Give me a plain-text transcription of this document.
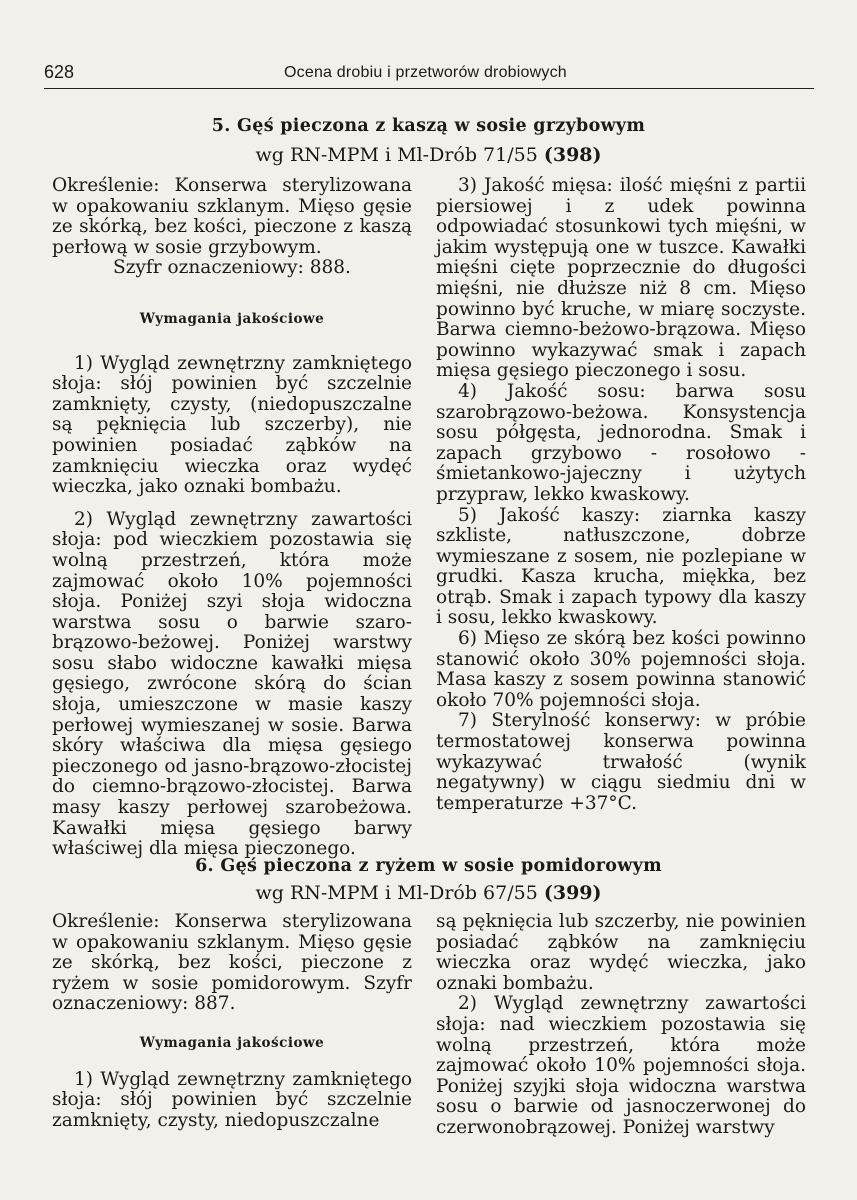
628	Ocena drobiu i przetworów drobiowych
5. Gęś pieczona z kaszą w sosie grzybowym
wg RN-MPM i Ml-Drób 71/55 (398)

Określenie: Konserwa sterylizowana w opakowaniu szklanym. Mięso gęsie ze skórką, bez kości, pieczone z kaszą perłową w sosie grzybowym.

Szyfr oznaczeniowy: 888.

Wymagania jakościowe

1) Wygląd zewnętrzny zamkniętego słoja: słój powinien być szczelnie zamknięty, czysty, (niedopuszczalne są pęknięcia lub szczerby), nie powinien posiadać ząbków na zamknięciu wieczka oraz wydęć wieczka, jako oznaki bombażu.

2) Wygląd zewnętrzny zawartości słoja: pod wieczkiem pozostawia się wolną przestrzeń, która może zajmować około 10% pojemności słoja. Poniżej szyi słoja widoczna warstwa sosu o barwie szaro-brązowo-beżowej. Poniżej warstwy sosu słabo widoczne kawałki mięsa gęsiego, zwrócone skórą do ścian słoja, umieszczone w masie kaszy perłowej wymieszanej w sosie. Barwa skóry właściwa dla mięsa gęsiego pieczonego od jasno-brązowo-złocistej do ciemno-brązowo-złocistej. Barwa masy kaszy perłowej szarobeżowa. Kawałki mięsa gęsiego barwy właściwej dla mięsa pieczonego.

3) Jakość mięsa: ilość mięśni z partii piersiowej i z udek powinna odpowiadać stosunkowi tych mięśni, w jakim występują one w tuszce. Kawałki mięśni cięte poprzecznie do długości mięśni, nie dłuższe niż 8 cm. Mięso powinno być kruche, w miarę soczyste. Barwa ciemno-beżowo-brązowa. Mięso powinno wykazywać smak i zapach mięsa gęsiego pieczonego i sosu.

4) Jakość sosu: barwa sosu szarobrązowo-beżowa. Konsystencja sosu półgęsta, jednorodna. Smak i zapach grzybowo - rosołowo - śmietankowo-jajeczny i użytych przypraw, lekko kwaskowy.

5) Jakość kaszy: ziarnka kaszy szkliste, natłuszczone, dobrze wymieszane z sosem, nie pozlepiane w grudki. Kasza krucha, miękka, bez otrąb. Smak i zapach typowy dla kaszy i sosu, lekko kwaskowy.

6) Mięso ze skórą bez kości powinno stanowić około 30% pojemności słoja. Masa kaszy z sosem powinna stanowić około 70% pojemności słoja.

7) Sterylność konserwy: w próbie termostatowej konserwa powinna wykazywać trwałość (wynik negatywny) w ciągu siedmiu dni w temperaturze +37°C.

6. Gęś pieczona z ryżem w sosie pomidorowym
wg RN-MPM i Ml-Drób 67/55 (399)

Określenie: Konserwa sterylizowana w opakowaniu szklanym. Mięso gęsie ze skórką, bez kości, pieczone z ryżem w sosie pomidorowym. Szyfr oznaczeniowy: 887.

Wymagania jakościowe

1) Wygląd zewnętrzny zamkniętego słoja: słój powinien być szczelnie zamknięty, czysty, niedopuszczalne

są pęknięcia lub szczerby, nie powinien posiadać ząbków na zamknięciu wieczka oraz wydęć wieczka, jako oznaki bombażu.

2) Wygląd zewnętrzny zawartości słoja: nad wieczkiem pozostawia się wolną przestrzeń, która może zajmować około 10% pojemności słoja. Poniżej szyjki słoja widoczna warstwa sosu o barwie od jasnoczerwonej do czerwonobrązowej. Poniżej warstwy
